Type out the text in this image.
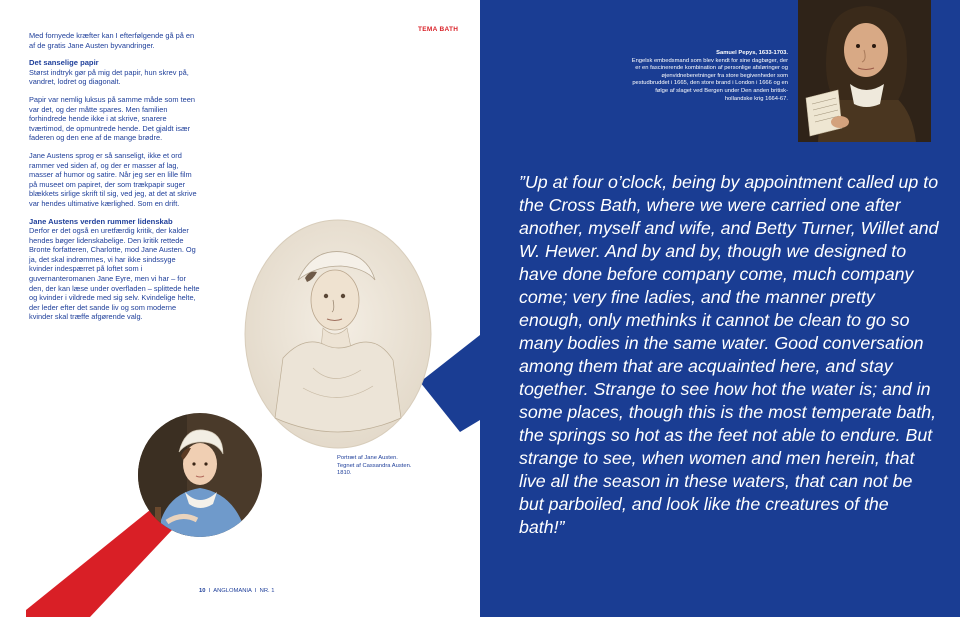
TEMA BATH

Med fornyede kræfter kan I efterfølgende gå på en af de gratis Jane Austen byvandringer.

Det sanselige papir

Størst indtryk gør på mig det papir, hun skrev på, vandret, lodret og diagonalt.

Papir var nemlig luksus på samme måde som teen var det, og der måtte spares. Men familien forhindrede hende ikke i at skrive, snarere tværtimod, de opmuntrede hende. Det gjaldt især faderen og den ene af de mange brødre.

Jane Austens sprog er så sanseligt, ikke et ord rammer ved siden af, og der er masser af lag, masser af humor og satire. Når jeg ser en lille film på museet om papiret, der som trækpapir suger blækkets sirlige skrift til sig, ved jeg, at det at skrive var hendes ultimative kærlighed. Som en drift.

Jane Austens verden rummer lidenskab

Derfor er det også en uretfærdig kritik, der kalder hendes bøger lidenskabelige. Den kritik rettede Bronte forfatteren, Charlotte, mod Jane Austen. Og ja, det skal indrømmes, vi har ikke sindssyge kvinder indespærret på loftet som i guvernanteromanen Jane Eyre, men vi har – for den, der kan læse under overfladen – splittede helte og kvinder i vildrede med sig selv. Kvindelige helte, der leder efter det sande liv og som moderne kvinder skal træffe afgørende valg.

Portræt af Jane Austen.
Tegnet af Cassandra Austen.
1810.
10 I ANGLOMANIA I NR. 1
Samuel Pepys, 1633-1703.
Engelsk embedsmand som blev kendt for sine dagbøger, der er en fascinerende kombination af personlige afsløringer og øjenvidneberetninger fra store begivenheder som pestudbruddet i 1665, den store brand i London i 1666 og en følge af slaget ved Bergen under Den anden britisk-hollandske krig 1664-67.
”Up at four o’clock, being by appointment called up to the Cross Bath, where we were carried one after another, myself and wife, and Betty Turner, Willet and W. Hewer. And by and by, though we designed to have done before company come, much company come; very fine ladies, and the manner pretty enough, only methinks it cannot be clean to go so many bodies in the same water. Good conversation among them that are acquainted here, and stay together. Strange to see how hot the water is; and in some places, though this is the most temperate bath, the springs so hot as the feet not able to endure. But strange to see, when women and men herein, that live all the season in these waters, that can not be but parboiled, and look like the creatures of the bath!”
